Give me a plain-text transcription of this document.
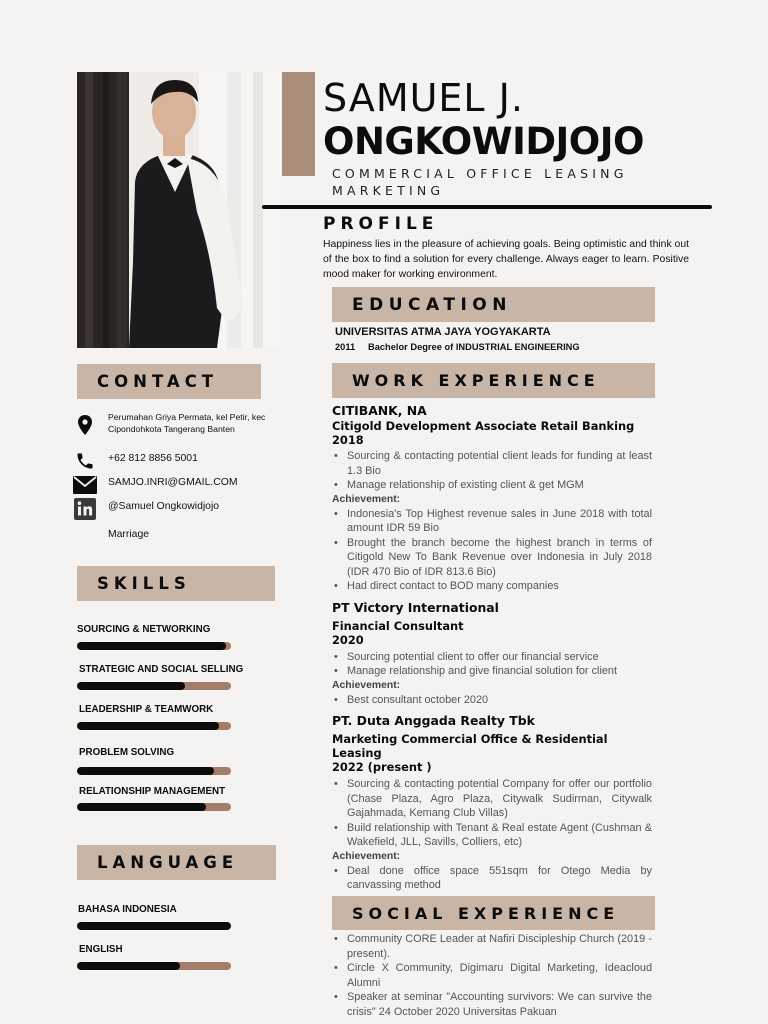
SAMUEL J.
ONGKOWIDJOJO
COMMERCIAL OFFICE LEASING MARKETING
PROFILE
Happiness lies in the pleasure of achieving goals. Being optimistic and think out of the box to find a solution for every challenge. Always eager to learn. Positive mood maker for working environment.
EDUCATION
UNIVERSITAS ATMA JAYA YOGYAKARTA
2011 Bachelor Degree of INDUSTRIAL ENGINEERING
WORK EXPERIENCE
CITIBANK, NA
Citigold Development Associate Retail Banking
2018
• Sourcing & contacting potential client leads for funding at least 1.3 Bio
• Manage relationship of existing client & get MGM
Achievement:
• Indonesia's Top Highest revenue sales in June 2018 with total amount IDR 59 Bio
• Brought the branch become the highest branch in terms of Citigold New To Bank Revenue over Indonesia in July 2018 (IDR 470 Bio of IDR 813.6 Bio)
• Had direct contact to BOD many companies
PT Victory International
Financial Consultant
2020
• Sourcing potential client to offer our financial service
• Manage relationship and give financial solution for client
Achievement:
• Best consultant october 2020
PT. Duta Anggada Realty Tbk
Marketing Commercial Office & Residential Leasing
2022 (present )
• Sourcing & contacting potential Company for offer our portfolio (Chase Plaza, Agro Plaza, Citywalk Sudirman, Citywalk Gajahmada, Kemang Club Villas)
• Build relationship with Tenant & Real estate Agent (Cushman & Wakefield, JLL, Savills, Colliers, etc)
Achievement:
• Deal done office space 551sqm for Otego Media by canvassing method
SOCIAL EXPERIENCE
• Community CORE Leader at Nafiri Discipleship Church (2019 - present).
• Circle X Community, Digimaru Digital Marketing, Ideacloud Alumni
• Speaker at seminar "Accounting survivors: We can survive the crisis" 24 October 2020 Universitas Pakuan
CONTACT
Perumahan Griya Permata, kel Petir, kec Cipondohkota Tangerang Banten
+62 812 8856 5001
SAMJO.INRI@GMAIL.COM
@Samuel Ongkowidjojo
Marriage
SKILLS
SOURCING & NETWORKING
STRATEGIC AND SOCIAL SELLING
LEADERSHIP & TEAMWORK
PROBLEM SOLVING
RELATIONSHIP MANAGEMENT
LANGUAGE
BAHASA INDONESIA
ENGLISH
